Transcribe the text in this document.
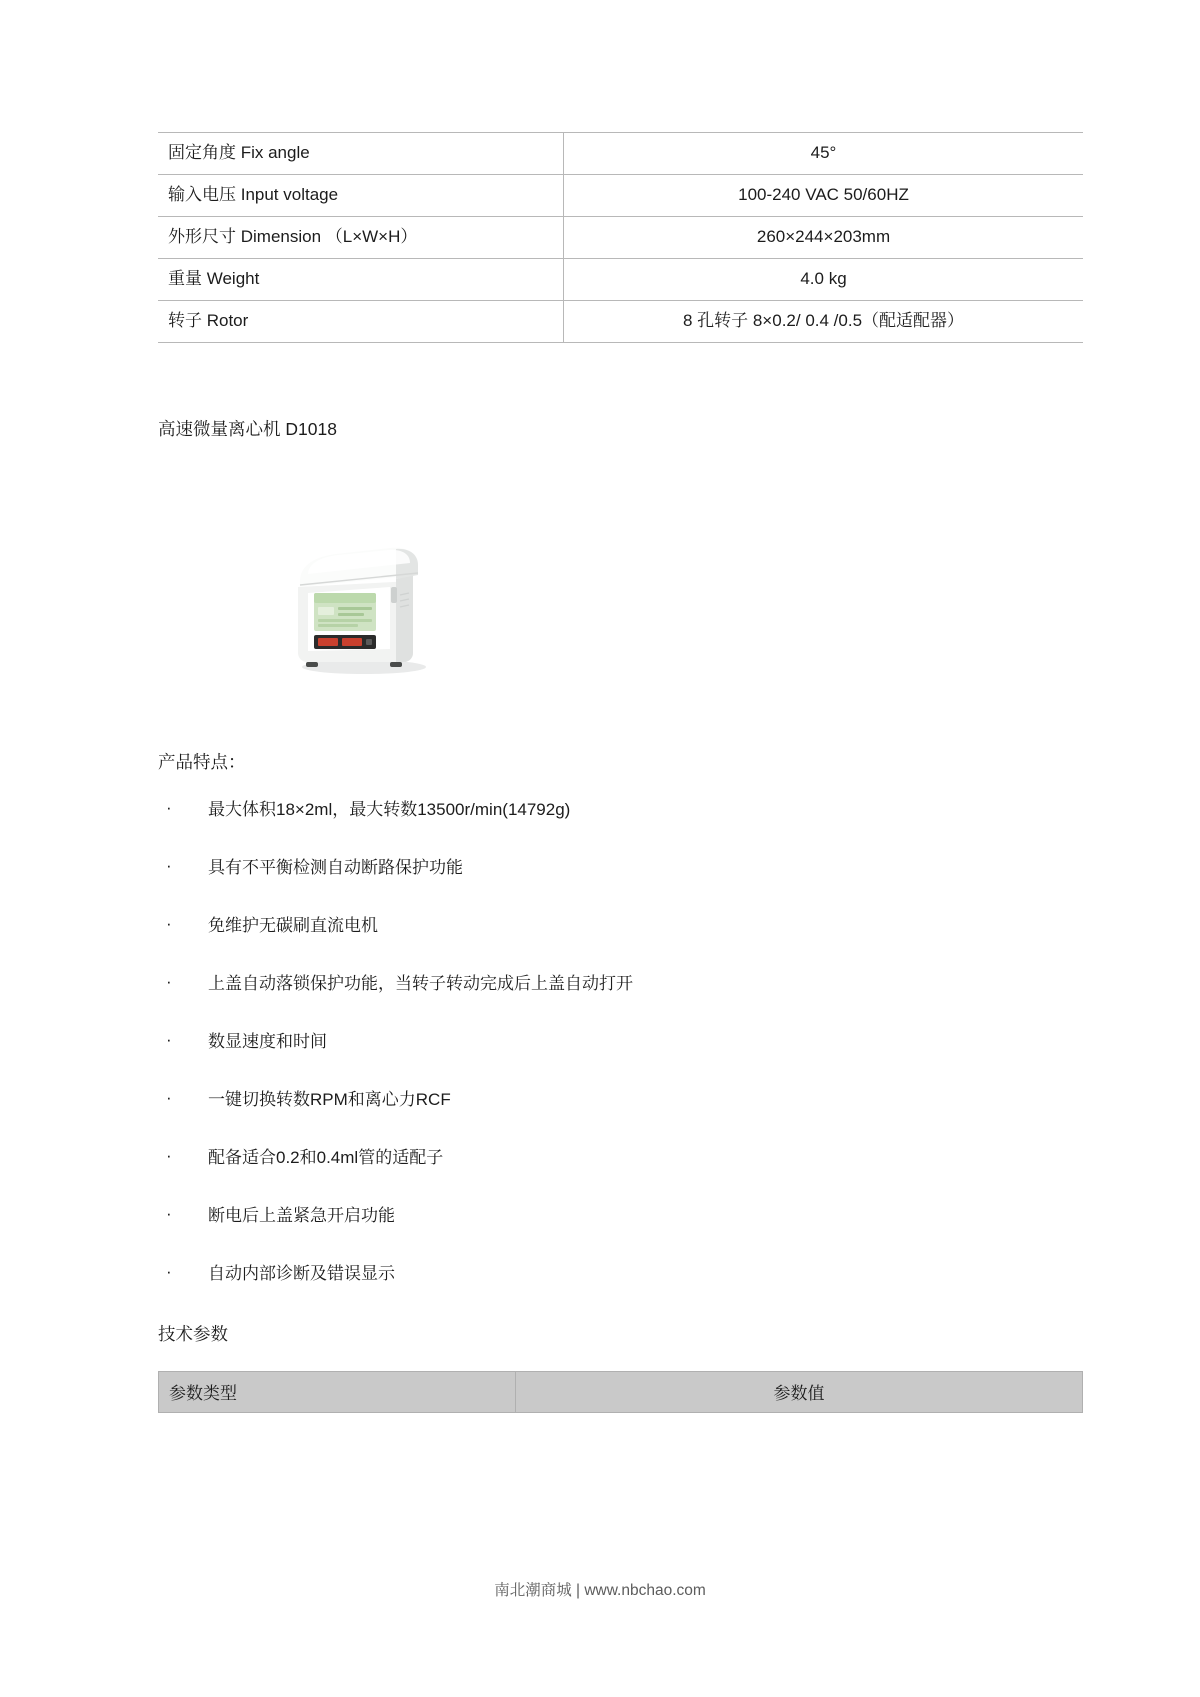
固定角度 Fix angle	45°
输入电压 Input voltage	100-240 VAC 50/60HZ
外形尺寸 Dimension （L×W×H）	260×244×203mm
重量 Weight	4.0 kg
转子 Rotor	8 孔转子 8×0.2/ 0.4 /0.5（配适配器）
高速微量离心机 D1018
产品特点：
· 最大体积18×2ml，最大转数13500r/min(14792g)
· 具有不平衡检测自动断路保护功能
· 免维护无碳刷直流电机
· 上盖自动落锁保护功能，当转子转动完成后上盖自动打开
· 数显速度和时间
· 一键切换转数RPM和离心力RCF
· 配备适合0.2和0.4ml管的适配子
· 断电后上盖紧急开启功能
· 自动内部诊断及错误显示
技术参数
参数类型	参数值
南北潮商城 | www.nbchao.com
